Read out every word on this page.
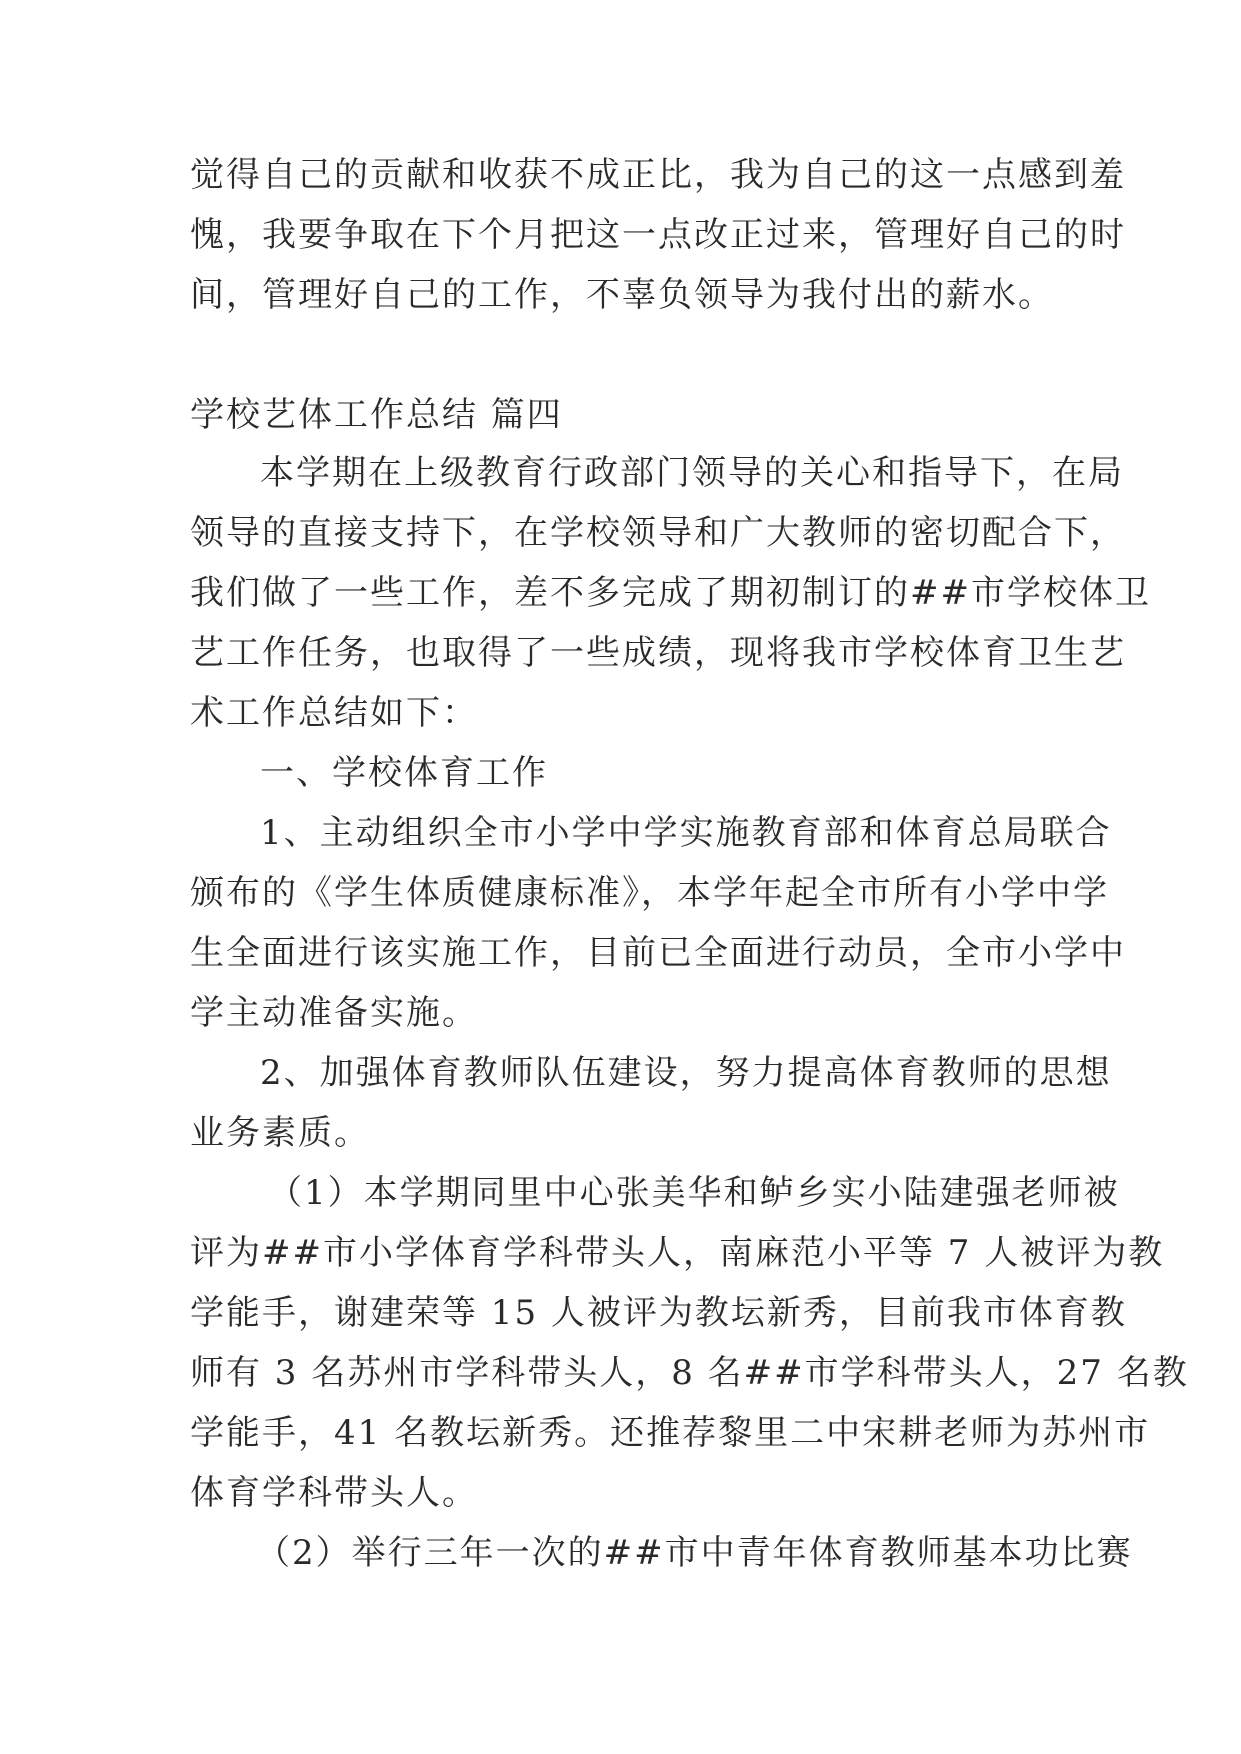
觉得自己的贡献和收获不成正比，我为自己的这一点感到羞
愧，我要争取在下个月把这一点改正过来，管理好自己的时
间，管理好自己的工作，不辜负领导为我付出的薪水。
学校艺体工作总结 篇四
本学期在上级教育行政部门领导的关心和指导下，在局
领导的直接支持下，在学校领导和广大教师的密切配合下，
我们做了一些工作，差不多完成了期初制订的##市学校体卫
艺工作任务，也取得了一些成绩，现将我市学校体育卫生艺
术工作总结如下：
一、学校体育工作
1、主动组织全市小学中学实施教育部和体育总局联合
颁布的《学生体质健康标准》，本学年起全市所有小学中学
生全面进行该实施工作，目前已全面进行动员，全市小学中
学主动准备实施。
2、加强体育教师队伍建设，努力提高体育教师的思想
业务素质。
（1）本学期同里中心张美华和鲈乡实小陆建强老师被
评为##市小学体育学科带头人，南麻范小平等 7 人被评为教
学能手，谢建荣等 15 人被评为教坛新秀，目前我市体育教
师有 3 名苏州市学科带头人，8 名##市学科带头人，27 名教
学能手，41 名教坛新秀。还推荐黎里二中宋耕老师为苏州市
体育学科带头人。
（2）举行三年一次的##市中青年体育教师基本功比赛
